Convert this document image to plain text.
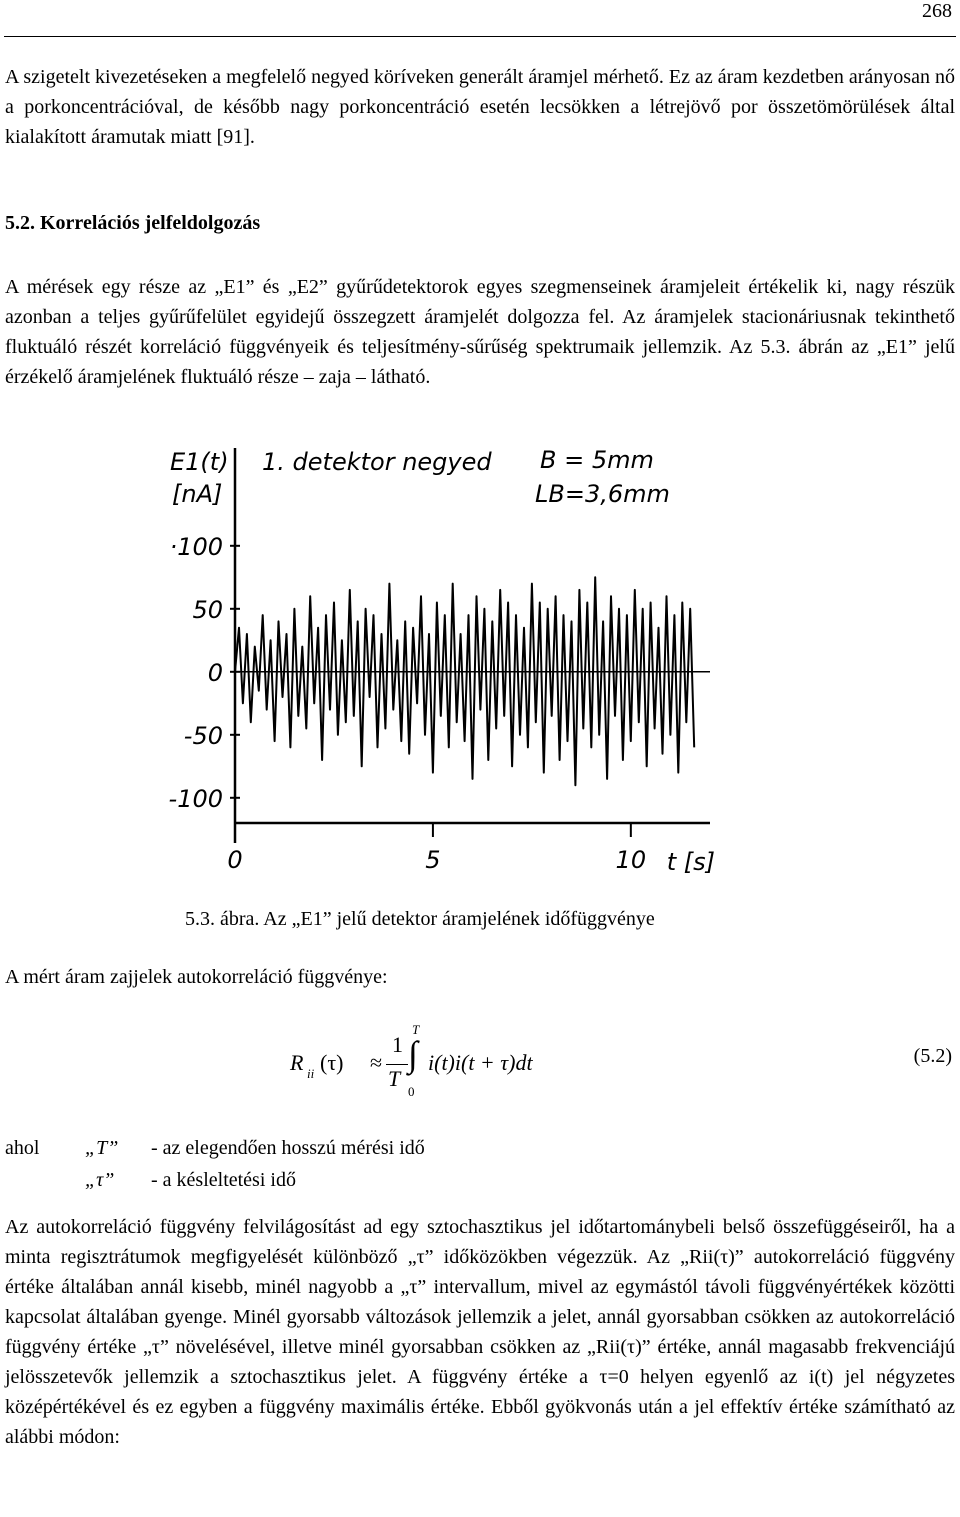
268

A szigetelt kivezetéseken a megfelelő negyed köríveken generált áramjel mérhető. Ez az áram kezdetben arányosan nő a porkoncentrációval, de később nagy porkoncentráció esetén lecsökken a létrejövő por összetömörülések által kialakított áramutak miatt [91].

5.2. Korrelációs jelfeldolgozás

A mérések egy része az „E1” és „E2” gyűrűdetektorok egyes szegmenseinek áramjeleit értékelik ki, nagy részük azonban a teljes gyűrűfelület egyidejű összegzett áramjelét dolgozza fel. Az áramjelek stacionáriusnak tekinthető fluktuáló részét korreláció függvényeik és teljesítmény-sűrűség spektrumaik jellemzik. Az 5.3. ábrán az „E1” jelű érzékelő áramjelének fluktuáló része – zaja – látható.

·100
50
0
-50
-100
0	5	10
E1(t)
[nA]
1. detektor negyed B = 5mm
LB=3,6mm
t [s]
5.3. ábra. Az „E1” jelű detektor áramjelének időfüggvénye
A mért áram zajjelek autokorreláció függvénye:
R ii (τ) ≈
1
T
T
∫
0
i(t)i(t + τ)dt	(5.2)
ahol	„T”	- az elegendően hosszú mérési idő
„τ”	- a késleltetési idő

Az autokorreláció függvény felvilágosítást ad egy sztochasztikus jel időtartománybeli belső összefüggéseiről, ha a minta regisztrátumok megfigyelését különböző „τ” időközökben végezzük. Az „Rii(τ)” autokorreláció függvény értéke általában annál kisebb, minél nagyobb a „τ” intervallum, mivel az egymástól távoli függvényértékek közötti kapcsolat általában gyenge. Minél gyorsabb változások jellemzik a jelet, annál gyorsabban csökken az autokorreláció függvény értéke „τ” növelésével, illetve minél gyorsabban csökken az „Rii(τ)” értéke, annál magasabb frekvenciájú jelösszetevők jellemzik a sztochasztikus jelet. A függvény értéke a τ=0 helyen egyenlő az i(t) jel négyzetes középértékével és ez egyben a függvény maximális értéke. Ebből gyökvonás után a jel effektív értéke számítható az alábbi módon:
